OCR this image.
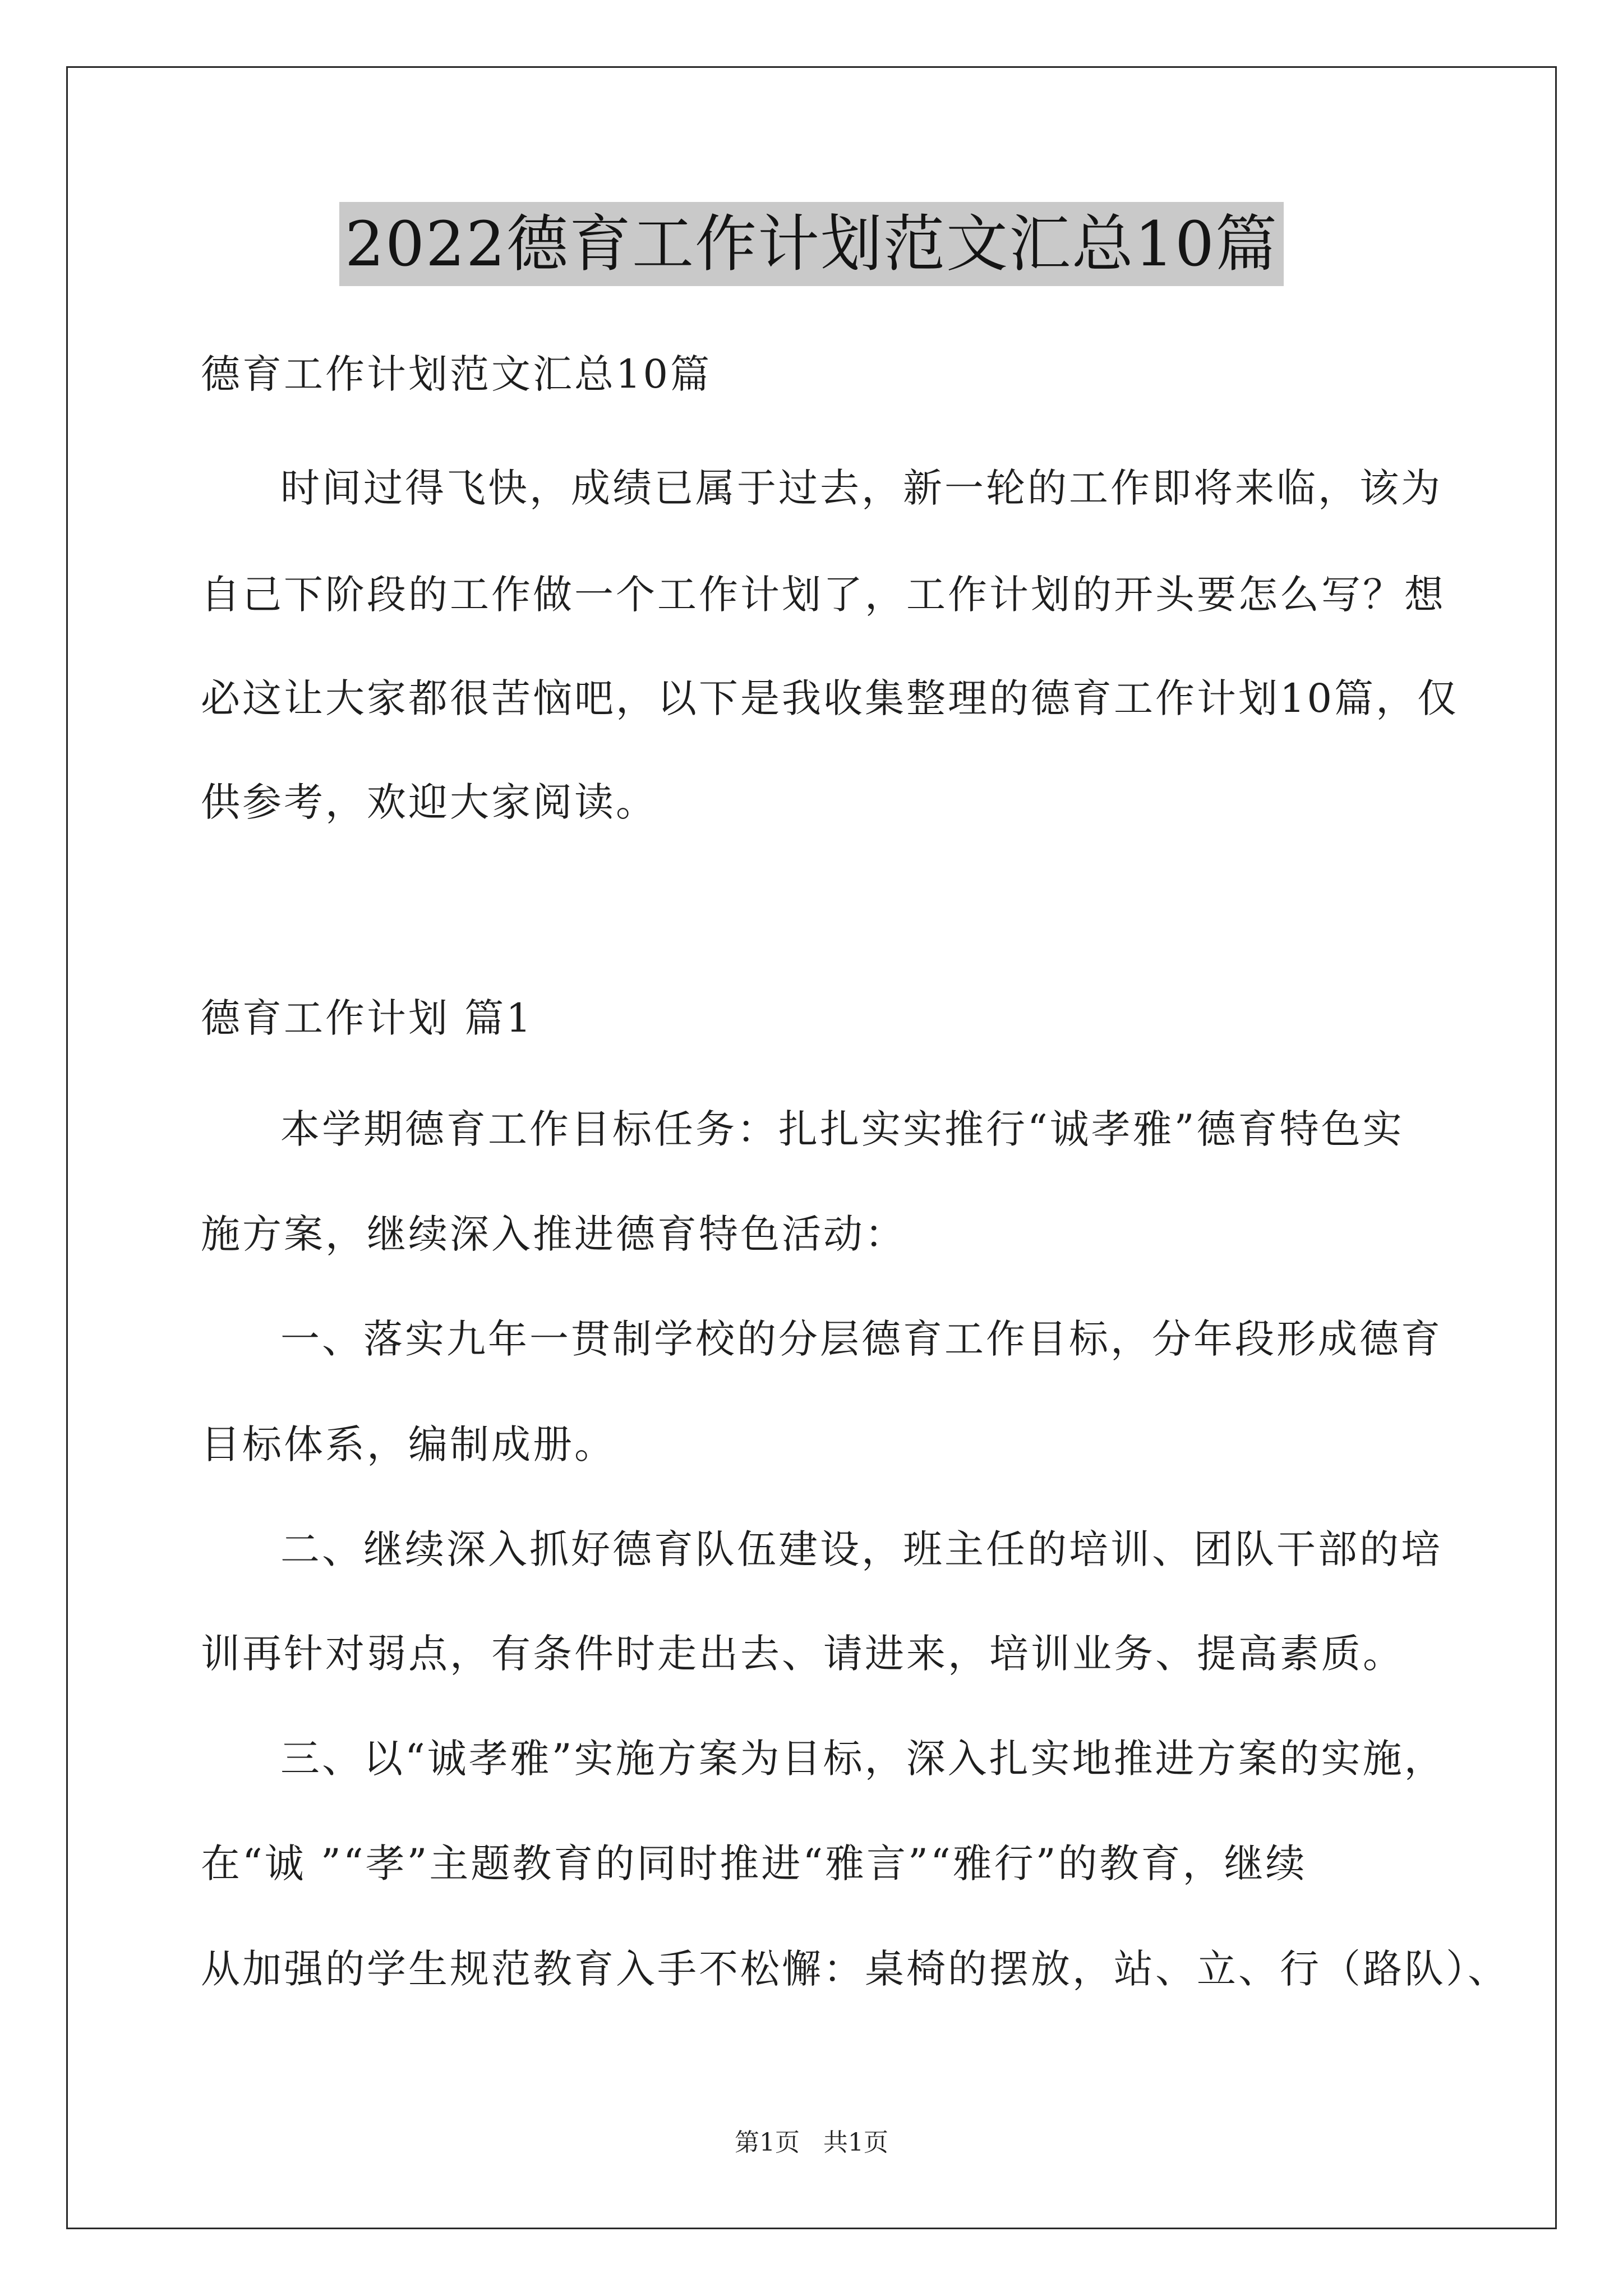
2022德育工作计划范文汇总10篇
德育工作计划范文汇总10篇
时间过得飞快，成绩已属于过去，新一轮的工作即将来临，该为
自己下阶段的工作做一个工作计划了，工作计划的开头要怎么写？想
必这让大家都很苦恼吧，以下是我收集整理的德育工作计划10篇，仅
供参考，欢迎大家阅读。
德育工作计划 篇1
本学期德育工作目标任务：扎扎实实推行“诚孝雅”德育特色实
施方案，继续深入推进德育特色活动：
一、落实九年一贯制学校的分层德育工作目标，分年段形成德育
目标体系，编制成册。
二、继续深入抓好德育队伍建设，班主任的培训、团队干部的培
训再针对弱点，有条件时走出去、请进来，培训业务、提高素质。
三、以“诚孝雅”实施方案为目标，深入扎实地推进方案的实施，
在“诚 ”“孝”主题教育的同时推进“雅言”“雅行”的教育，继续
从加强的学生规范教育入手不松懈：桌椅的摆放，站、立、行（路队）、
第1页 共1页
